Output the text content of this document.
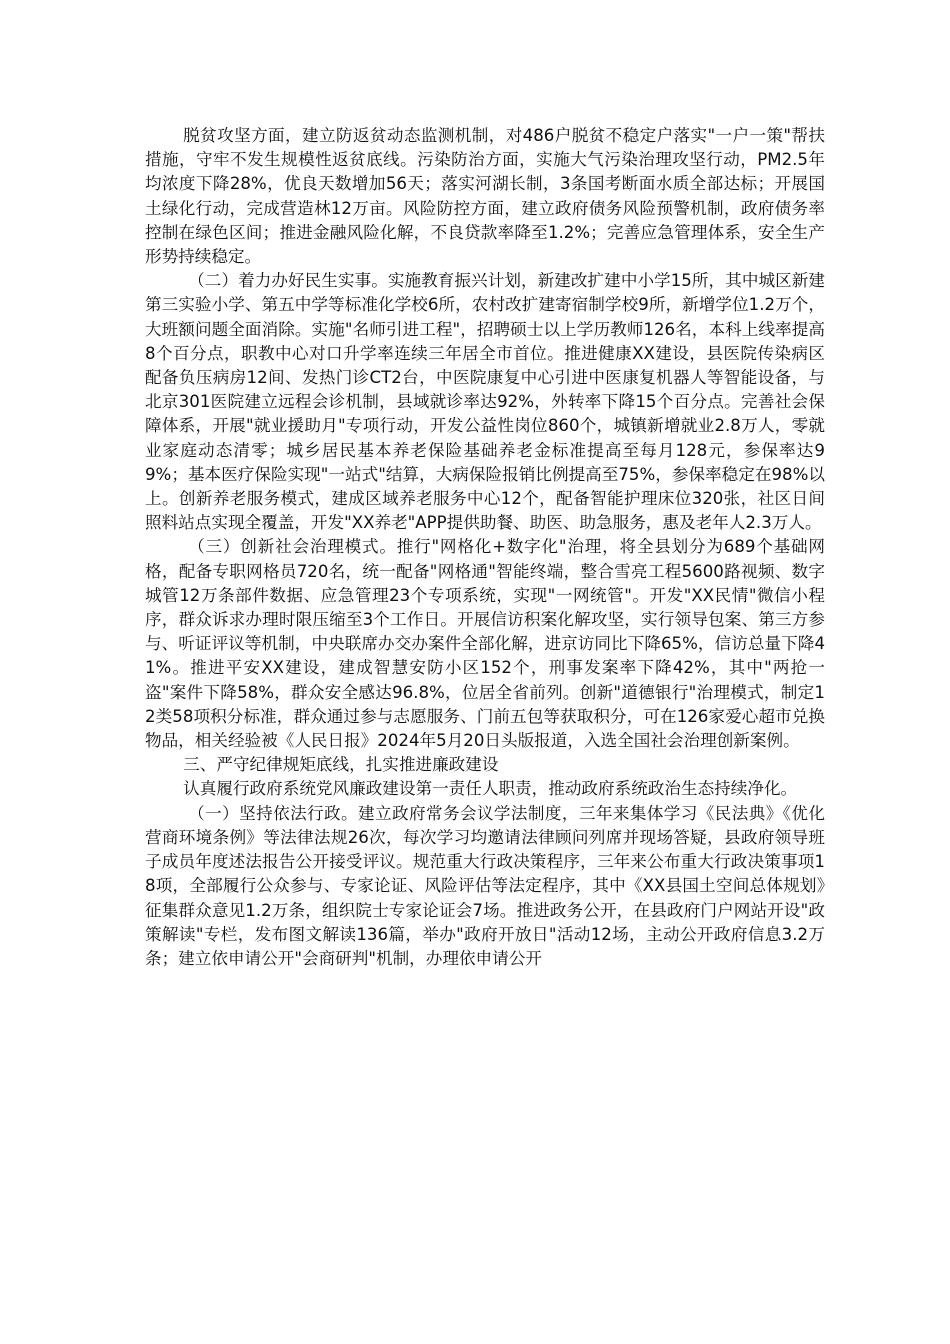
脱贫攻坚方面，建立防返贫动态监测机制，对486户脱贫不稳定户落实"一户一策"帮扶措施，守牢不发生规模性返贫底线。污染防治方面，实施大气污染治理攻坚行动，PM2.5年均浓度下降28%，优良天数增加56天；落实河湖长制，3条国考断面水质全部达标；开展国土绿化行动，完成营造林12万亩。风险防控方面，建立政府债务风险预警机制，政府债务率控制在绿色区间；推进金融风险化解，不良贷款率降至1.2%；完善应急管理体系，安全生产形势持续稳定。

（二）着力办好民生实事。实施教育振兴计划，新建改扩建中小学15所，其中城区新建第三实验小学、第五中学等标准化学校6所，农村改扩建寄宿制学校9所，新增学位1.2万个，大班额问题全面消除。实施"名师引进工程"，招聘硕士以上学历教师126名，本科上线率提高8个百分点，职教中心对口升学率连续三年居全市首位。推进健康XX建设，县医院传染病区配备负压病房12间、发热门诊CT2台，中医院康复中心引进中医康复机器人等智能设备，与北京301医院建立远程会诊机制，县域就诊率达92%，外转率下降15个百分点。完善社会保障体系，开展"就业援助月"专项行动，开发公益性岗位860个，城镇新增就业2.8万人，零就业家庭动态清零；城乡居民基本养老保险基础养老金标准提高至每月128元，参保率达99%；基本医疗保险实现"一站式"结算，大病保险报销比例提高至75%，参保率稳定在98%以上。创新养老服务模式，建成区域养老服务中心12个，配备智能护理床位320张，社区日间照料站点实现全覆盖，开发"XX养老"APP提供助餐、助医、助急服务，惠及老年人2.3万人。

（三）创新社会治理模式。推行"网格化+数字化"治理，将全县划分为689个基础网格，配备专职网格员720名，统一配备"网格通"智能终端，整合雪亮工程5600路视频、数字城管12万条部件数据、应急管理23个专项系统，实现"一网统管"。开发"XX民情"微信小程序，群众诉求办理时限压缩至3个工作日。开展信访积案化解攻坚，实行领导包案、第三方参与、听证评议等机制，中央联席办交办案件全部化解，进京访同比下降65%，信访总量下降41%。推进平安XX建设，建成智慧安防小区152个，刑事发案率下降42%，其中"两抢一盗"案件下降58%，群众安全感达96.8%，位居全省前列。创新"道德银行"治理模式，制定12类58项积分标准，群众通过参与志愿服务、门前五包等获取积分，可在126家爱心超市兑换物品，相关经验被《人民日报》2024年5月20日头版报道，入选全国社会治理创新案例。

三、严守纪律规矩底线，扎实推进廉政建设

认真履行政府系统党风廉政建设第一责任人职责，推动政府系统政治生态持续净化。

（一）坚持依法行政。建立政府常务会议学法制度，三年来集体学习《民法典》《优化营商环境条例》等法律法规26次，每次学习均邀请法律顾问列席并现场答疑，县政府领导班子成员年度述法报告公开接受评议。规范重大行政决策程序，三年来公布重大行政决策事项18项，全部履行公众参与、专家论证、风险评估等法定程序，其中《XX县国土空间总体规划》征集群众意见1.2万条，组织院士专家论证会7场。推进政务公开，在县政府门户网站开设"政策解读"专栏，发布图文解读136篇，举办"政府开放日"活动12场，主动公开政府信息3.2万条；建立依申请公开"会商研判"机制，办理依申请公开
